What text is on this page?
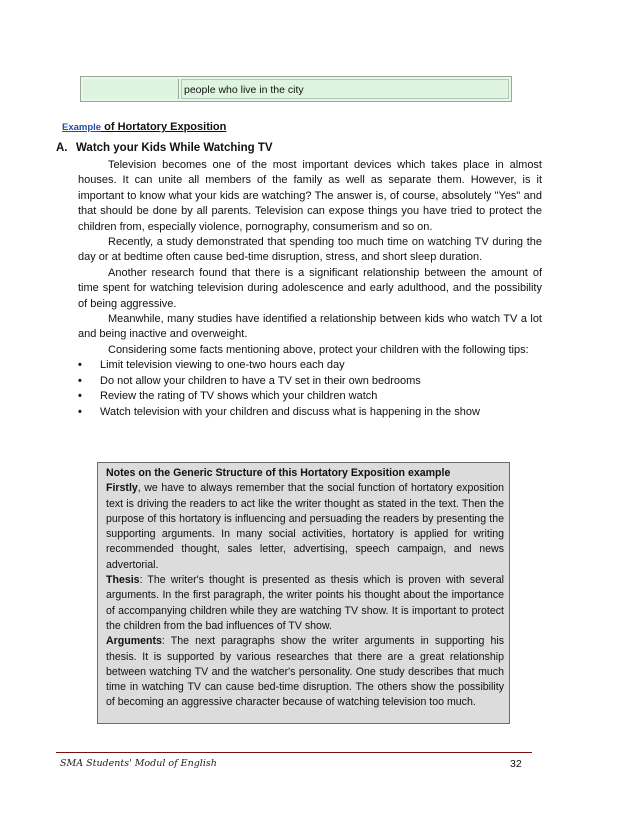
people who live in the city
Example of Hortatory Exposition
A. Watch your Kids While Watching TV

Television becomes one of the most important devices which takes place in almost houses. It can unite all members of the family as well as separate them. However, is it important to know what your kids are watching? The answer is, of course, absolutely "Yes" and that should be done by all parents. Television can expose things you have tried to protect the children from, especially violence, pornography, consumerism and so on.

Recently, a study demonstrated that spending too much time on watching TV during the day or at bedtime often cause bed-time disruption, stress, and short sleep duration.

Another research found that there is a significant relationship between the amount of time spent for watching television during adolescence and early adulthood, and the possibility of being aggressive.

Meanwhile, many studies have identified a relationship between kids who watch TV a lot and being inactive and overweight.

Considering some facts mentioning above, protect your children with the following tips:

• Limit television viewing to one-two hours each day
• Do not allow your children to have a TV set in their own bedrooms
• Review the rating of TV shows which your children watch
• Watch television with your children and discuss what is happening in the show

Notes on the Generic Structure of this Hortatory Exposition example

Firstly, we have to always remember that the social function of hortatory exposition text is driving the readers to act like the writer thought as stated in the text. Then the purpose of this hortatory is influencing and persuading the readers by presenting the supporting arguments. In many social activities, hortatory is applied for writing recommended thought, sales letter, advertising, speech campaign, and news advertorial.

Thesis: The writer's thought is presented as thesis which is proven with several arguments. In the first paragraph, the writer points his thought about the importance of accompanying children while they are watching TV show. It is important to protect the children from the bad influences of TV show.

Arguments: The next paragraphs show the writer arguments in supporting his thesis. It is supported by various researches that there are a great relationship between watching TV and the watcher's personality. One study describes that much time in watching TV can cause bed-time disruption. The others show the possibility of becoming an aggressive character because of watching television too much.

SMA Students' Modul of English	32
